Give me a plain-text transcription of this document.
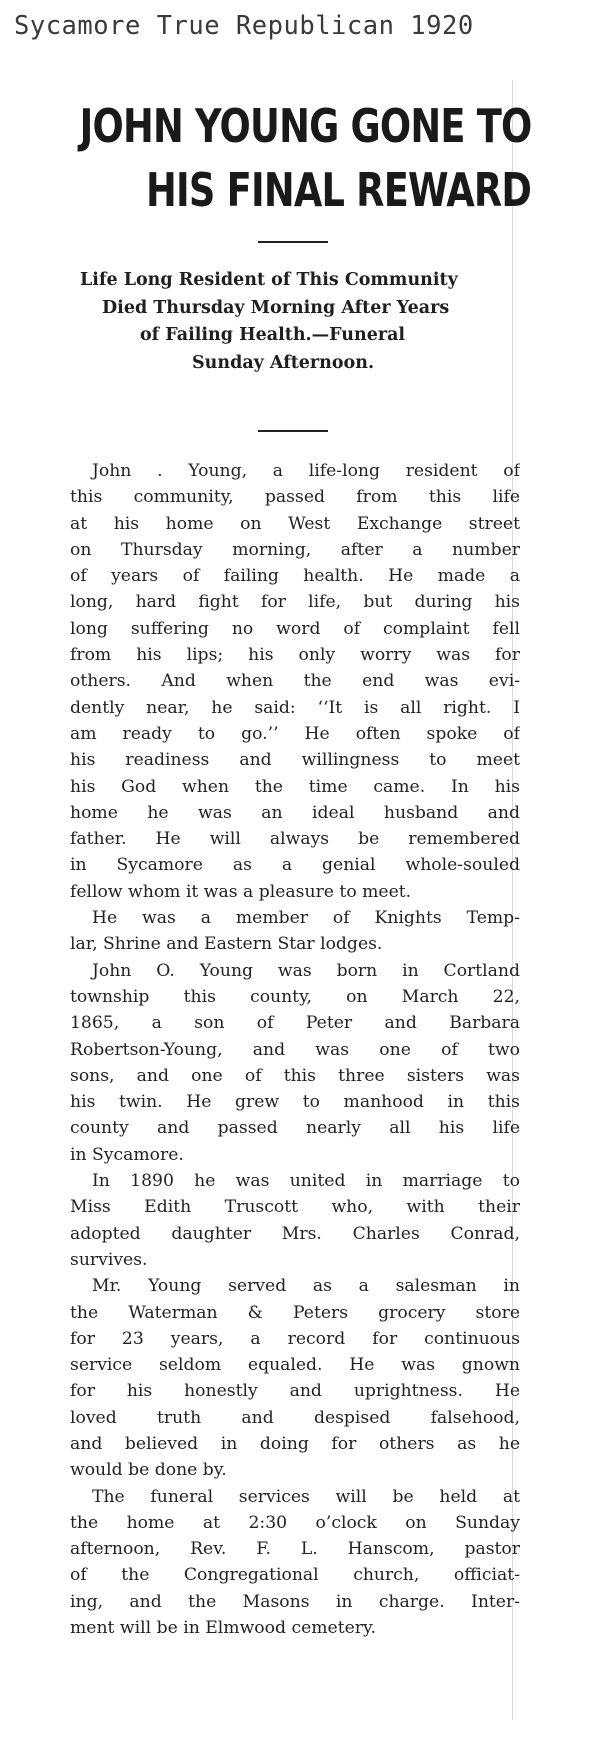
Sycamore True Republican 1920
JOHN YOUNG GONE TO
HIS FINAL REWARD
Life Long Resident of This Community
Died Thursday Morning After Years
of Failing Health.—Funeral
Sunday Afternoon.
John . Young, a life-long resident of
this community, passed from this life
at his home on West Exchange street
on Thursday morning, after a number
of years of failing health. He made a
long, hard fight for life, but during his
long suffering no word of complaint fell
from his lips; his only worry was for
others. And when the end was evi-
dently near, he said: ‘‘It is all right. I
am ready to go.’’ He often spoke of
his readiness and willingness to meet
his God when the time came. In his
home he was an ideal husband and
father. He will always be remembered
in Sycamore as a genial whole-souled
fellow whom it was a pleasure to meet.
He was a member of Knights Temp-
lar, Shrine and Eastern Star lodges.
John O. Young was born in Cortland
township this county, on March 22,
1865, a son of Peter and Barbara
Robertson-Young, and was one of two
sons, and one of this three sisters was
his twin. He grew to manhood in this
county and passed nearly all his life
in Sycamore.
In 1890 he was united in marriage to
Miss Edith Truscott who, with their
adopted daughter Mrs. Charles Conrad,
survives.
Mr. Young served as a salesman in
the Waterman & Peters grocery store
for 23 years, a record for continuous
service seldom equaled. He was gnown
for his honestly and uprightness. He
loved truth and despised falsehood,
and believed in doing for others as he
would be done by.
The funeral services will be held at
the home at 2:30 o’clock on Sunday
afternoon, Rev. F. L. Hanscom, pastor
of the Congregational church, officiat-
ing, and the Masons in charge. Inter-
ment will be in Elmwood cemetery.
